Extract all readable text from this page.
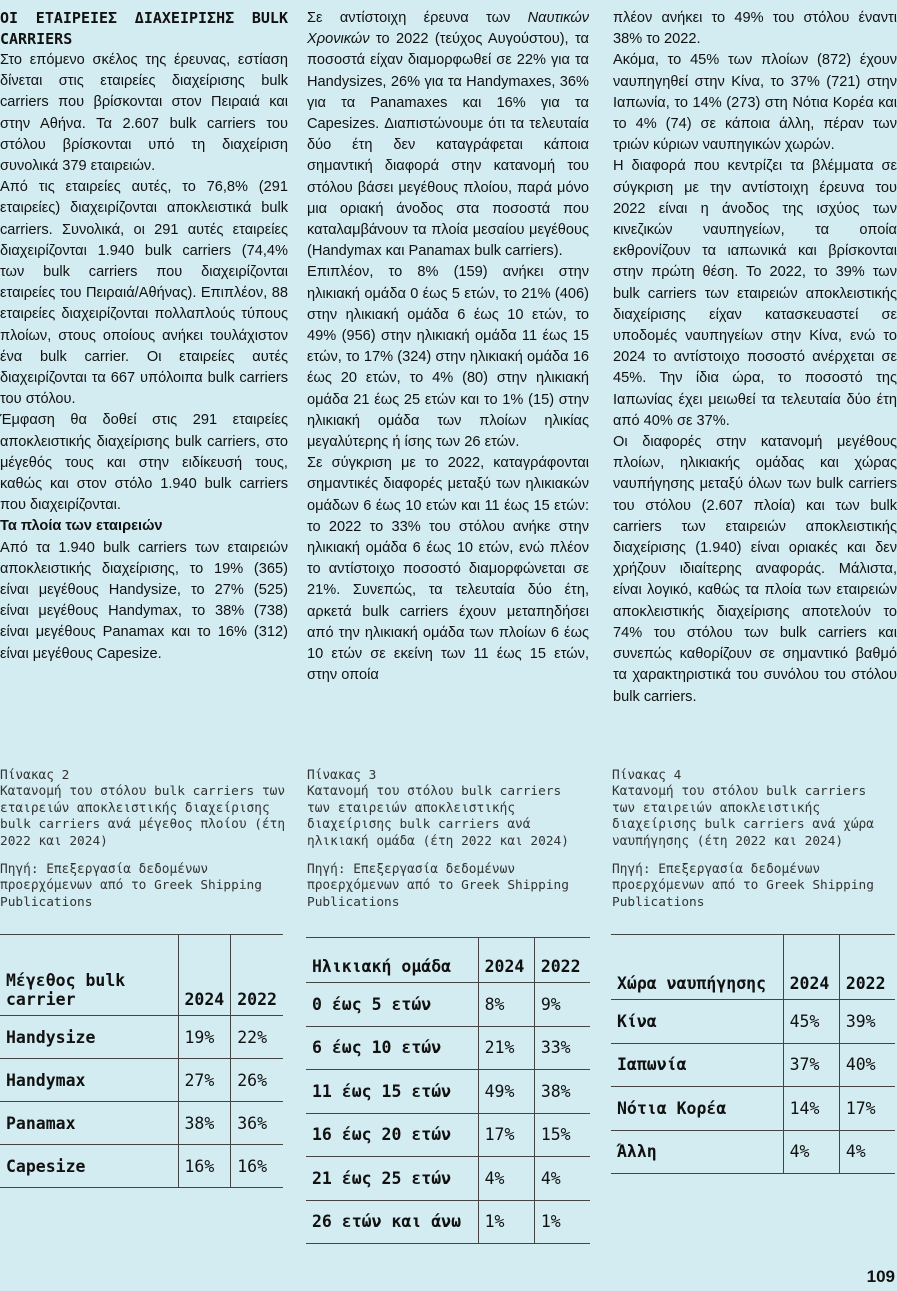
ΟΙ ΕΤΑΙΡΕΙΕΣ ΔΙΑΧΕΙΡΙΣΗΣ BULK CARRIERS

Στο επόμενο σκέλος της έρευνας, εστίαση δίνεται στις εταιρείες διαχείρισης bulk carriers που βρίσκονται στον Πειραιά και στην Αθήνα. Τα 2.607 bulk carriers του στόλου βρίσκονται υπό τη διαχείριση συνολικά 379 εταιρειών.

Από τις εταιρείες αυτές, το 76,8% (291 εταιρείες) διαχειρίζονται αποκλειστικά bulk carriers. Συνολικά, οι 291 αυτές εταιρείες διαχειρίζονται 1.940 bulk carriers (74,4% των bulk carriers που διαχειρίζονται εταιρείες του Πειραιά/Αθήνας). Επιπλέον, 88 εταιρείες διαχειρίζονται πολλαπλούς τύπους πλοίων, στους οποίους ανήκει τουλάχιστον ένα bulk carrier. Οι εταιρείες αυτές διαχειρίζονται τα 667 υπόλοιπα bulk carriers του στόλου.

Έμφαση θα δοθεί στις 291 εταιρείες αποκλειστικής διαχείρισης bulk carriers, στο μέγεθός τους και στην ειδίκευσή τους, καθώς και στον στόλο 1.940 bulk carriers που διαχειρίζονται.

Τα πλοία των εταιρειών

Από τα 1.940 bulk carriers των εταιρειών αποκλειστικής διαχείρισης, το 19% (365) είναι μεγέθους Handysize, το 27% (525) είναι μεγέθους Handymax, το 38% (738) είναι μεγέθους Panamax και το 16% (312) είναι μεγέθους Capesize.

Σε αντίστοιχη έρευνα των Ναυτικών Χρονικών το 2022 (τεύχος Αυγούστου), τα ποσοστά είχαν διαμορφωθεί σε 22% για τα Handysizes, 26% για τα Handymaxes, 36% για τα Panamaxes και 16% για τα Capesizes. Διαπιστώνουμε ότι τα τελευταία δύο έτη δεν καταγράφεται κάποια σημαντική διαφορά στην κατανομή του στόλου βάσει μεγέθους πλοίου, παρά μόνο μια οριακή άνοδος στα ποσοστά που καταλαμβάνουν τα πλοία μεσαίου μεγέθους (Handymax και Panamax bulk carriers).

Επιπλέον, το 8% (159) ανήκει στην ηλικιακή ομάδα 0 έως 5 ετών, το 21% (406) στην ηλικιακή ομάδα 6 έως 10 ετών, το 49% (956) στην ηλικιακή ομάδα 11 έως 15 ετών, το 17% (324) στην ηλικιακή ομάδα 16 έως 20 ετών, το 4% (80) στην ηλικιακή ομάδα 21 έως 25 ετών και το 1% (15) στην ηλικιακή ομάδα των πλοίων ηλικίας μεγαλύτερης ή ίσης των 26 ετών.

Σε σύγκριση με το 2022, καταγράφονται σημαντικές διαφορές μεταξύ των ηλικιακών ομάδων 6 έως 10 ετών και 11 έως 15 ετών: το 2022 το 33% του στόλου ανήκε στην ηλικιακή ομάδα 6 έως 10 ετών, ενώ πλέον το αντίστοιχο ποσοστό διαμορφώνεται σε 21%. Συνεπώς, τα τελευταία δύο έτη, αρκετά bulk carriers έχουν μεταπηδήσει από την ηλικιακή ομάδα των πλοίων 6 έως 10 ετών σε εκείνη των 11 έως 15 ετών, στην οποία

πλέον ανήκει το 49% του στόλου έναντι 38% το 2022.

Ακόμα, το 45% των πλοίων (872) έχουν ναυπηγηθεί στην Κίνα, το 37% (721) στην Ιαπωνία, το 14% (273) στη Νότια Κορέα και το 4% (74) σε κάποια άλλη, πέραν των τριών κύριων ναυπηγικών χωρών.

Η διαφορά που κεντρίζει τα βλέμματα σε σύγκριση με την αντίστοιχη έρευνα του 2022 είναι η άνοδος της ισχύος των κινεζικών ναυπηγείων, τα οποία εκθρονίζουν τα ιαπωνικά και βρίσκονται στην πρώτη θέση. Το 2022, το 39% των bulk carriers των εταιρειών αποκλειστικής διαχείρισης είχαν κατασκευαστεί σε υποδομές ναυπηγείων στην Κίνα, ενώ το 2024 το αντίστοιχο ποσοστό ανέρχεται σε 45%. Την ίδια ώρα, το ποσοστό της Ιαπωνίας έχει μειωθεί τα τελευταία δύο έτη από 40% σε 37%.

Οι διαφορές στην κατανομή μεγέθους πλοίων, ηλικιακής ομάδας και χώρας ναυπήγησης μεταξύ όλων των bulk carriers του στόλου (2.607 πλοία) και των bulk carriers των εταιρειών αποκλειστικής διαχείρισης (1.940) είναι οριακές και δεν χρήζουν ιδιαίτερης αναφοράς. Μάλιστα, είναι λογικό, καθώς τα πλοία των εταιρειών αποκλειστικής διαχείρισης αποτελούν το 74% του στόλου των bulk carriers και συνεπώς καθορίζουν σε σημαντικό βαθμό τα χαρακτηριστικά του συνόλου του στόλου bulk carriers.

Πίνακας 2
Κατανομή του στόλου bulk carriers των εταιρειών αποκλειστικής διαχείρισης bulk carriers ανά μέγεθος πλοίου (έτη 2022 και 2024)
Πηγή: Επεξεργασία δεδομένων προερχόμενων από το Greek Shipping Publications
Πίνακας 3
Κατανομή του στόλου bulk carriers των εταιρειών αποκλειστικής διαχείρισης bulk carriers ανά ηλικιακή ομάδα (έτη 2022 και 2024)
Πηγή: Επεξεργασία δεδομένων προερχόμενων από το Greek Shipping Publications
Πίνακας 4
Κατανομή του στόλου bulk carriers των εταιρειών αποκλειστικής διαχείρισης bulk carriers ανά χώρα ναυπήγησης (έτη 2022 και 2024)
Πηγή: Επεξεργασία δεδομένων προερχόμενων από το Greek Shipping Publications
Μέγεθος bulk carrier	2024	2022
Handysize	19%	22%
Handymax	27%	26%
Panamax	38%	36%
Capesize	16%	16%
Ηλικιακή ομάδα	2024	2022
0 έως 5 ετών	8%	9%
6 έως 10 ετών	21%	33%
11 έως 15 ετών	49%	38%
16 έως 20 ετών	17%	15%
21 έως 25 ετών	4%	4%
26 ετών και άνω	1%	1%
Χώρα ναυπήγησης	2024	2022
Κίνα	45%	39%
Ιαπωνία	37%	40%
Νότια Κορέα	14%	17%
Άλλη	4%	4%
109
